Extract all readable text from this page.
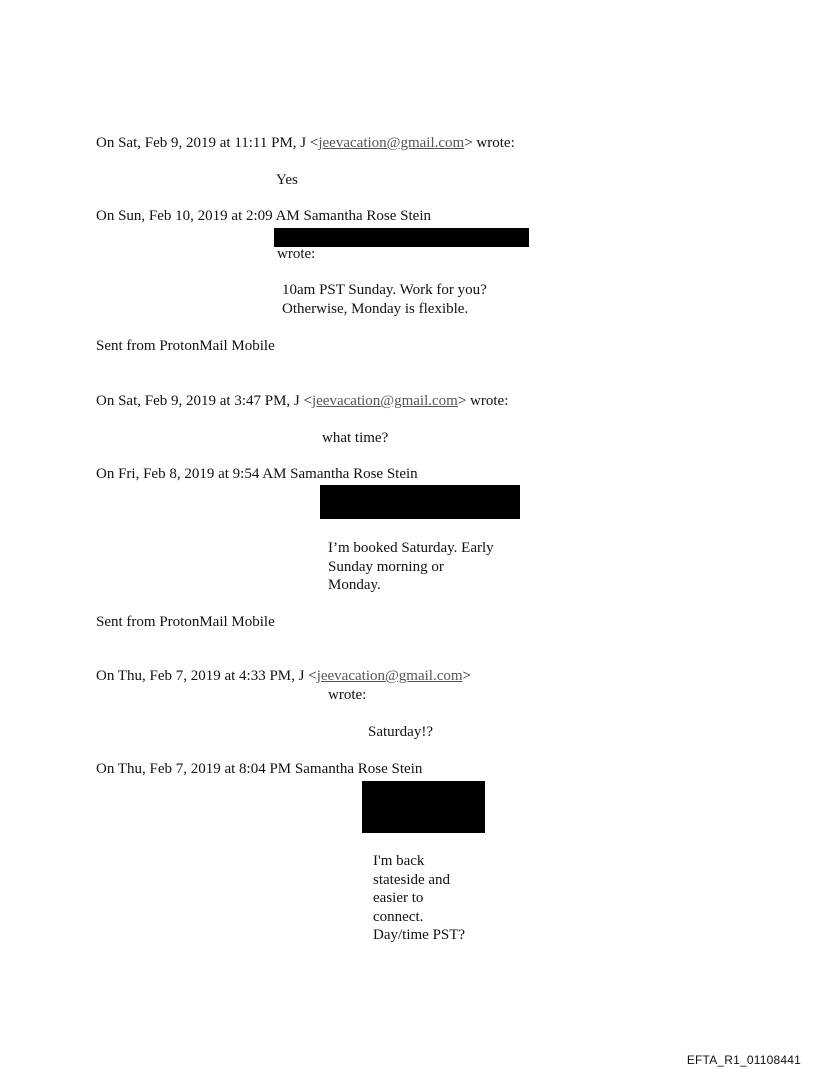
On Sat, Feb 9, 2019 at 11:11 PM, J <jeevacation@gmail.com> wrote:
Yes
On Sun, Feb 10, 2019 at 2:09 AM Samantha Rose Stein
wrote:
10am PST Sunday. Work for you?
Otherwise, Monday is flexible.
Sent from ProtonMail Mobile
On Sat, Feb 9, 2019 at 3:47 PM, J <jeevacation@gmail.com> wrote:
what time?
On Fri, Feb 8, 2019 at 9:54 AM Samantha Rose Stein
I’m booked Saturday. Early
Sunday morning or
Monday.
Sent from ProtonMail Mobile
On Thu, Feb 7, 2019 at 4:33 PM, J <jeevacation@gmail.com>
wrote:
Saturday!?
On Thu, Feb 7, 2019 at 8:04 PM Samantha Rose Stein
I'm back
stateside and
easier to
connect.
Day/time PST?
EFTA_R1_01108441
